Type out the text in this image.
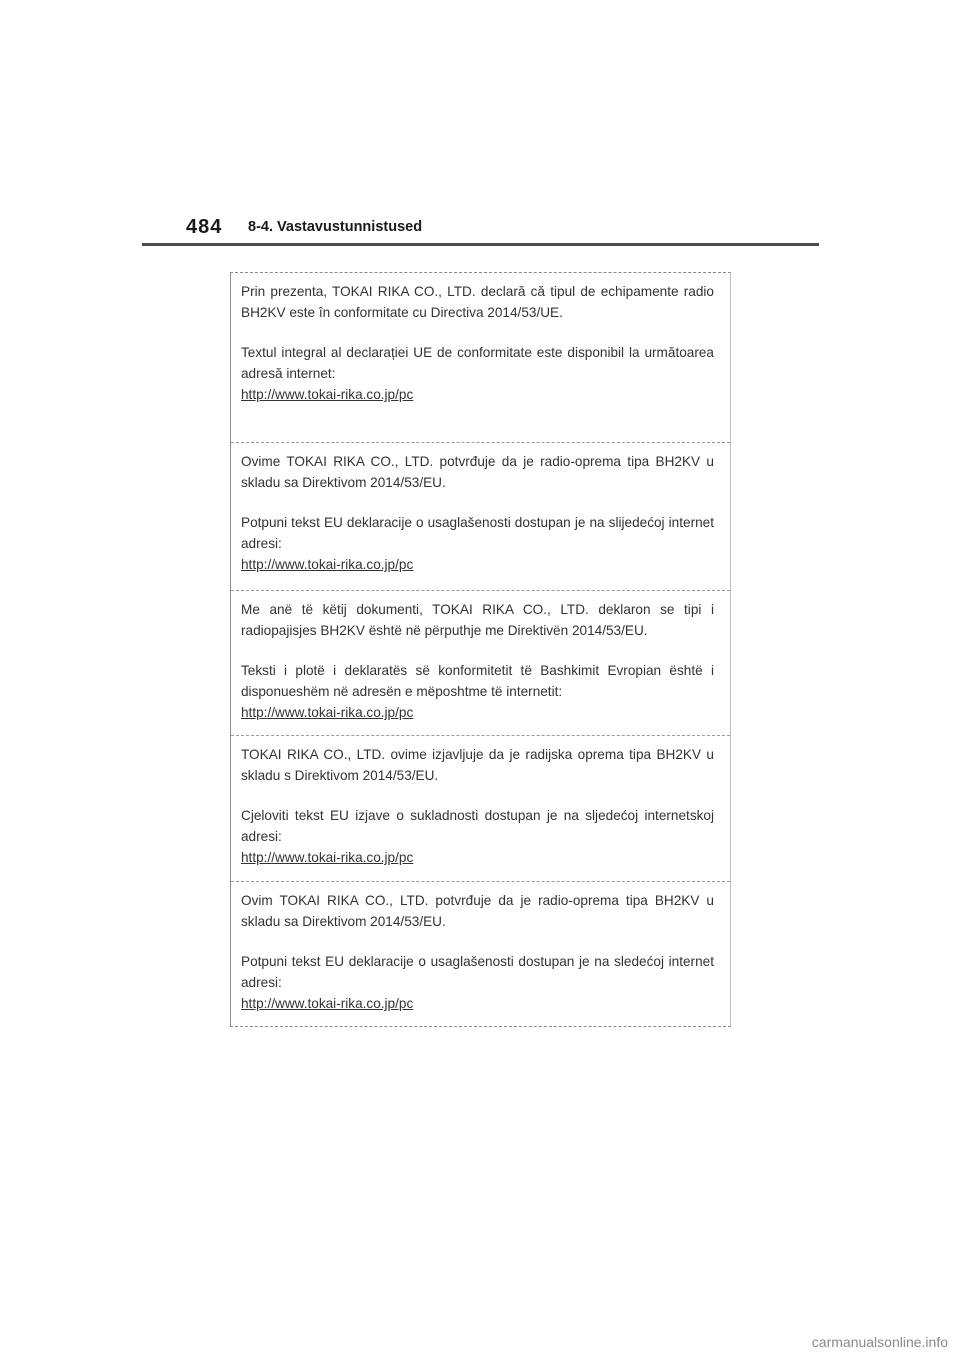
484 8-4. Vastavustunnistused

Prin prezenta, TOKAI RIKA CO., LTD. declară că tipul de echipamente radio BH2KV este în conformitate cu Directiva 2014/53/UE.

Textul integral al declarației UE de conformitate este disponibil la următoarea adresă internet:

http://www.tokai-rika.co.jp/pc

Ovime TOKAI RIKA CO., LTD. potvrđuje da je radio-oprema tipa BH2KV u skladu sa Direktivom 2014/53/EU.

Potpuni tekst EU deklaracije o usaglašenosti dostupan je na slijedećoj internet adresi:

http://www.tokai-rika.co.jp/pc

Me anë të këtij dokumenti, TOKAI RIKA CO., LTD. deklaron se tipi i radiopajisjes BH2KV është në përputhje me Direktivën 2014/53/EU.

Teksti i plotë i deklaratës së konformitetit të Bashkimit Evropian është i disponueshëm në adresën e mëposhtme të internetit:

http://www.tokai-rika.co.jp/pc

TOKAI RIKA CO., LTD. ovime izjavljuje da je radijska oprema tipa BH2KV u skladu s Direktivom 2014/53/EU.

Cjeloviti tekst EU izjave o sukladnosti dostupan je na sljedećoj internetskoj adresi:

http://www.tokai-rika.co.jp/pc

Ovim TOKAI RIKA CO., LTD. potvrđuje da je radio-oprema tipa BH2KV u skladu sa Direktivom 2014/53/EU.

Potpuni tekst EU deklaracije o usaglašenosti dostupan je na sledećoj internet adresi:

http://www.tokai-rika.co.jp/pc
carmanualsonline.info
